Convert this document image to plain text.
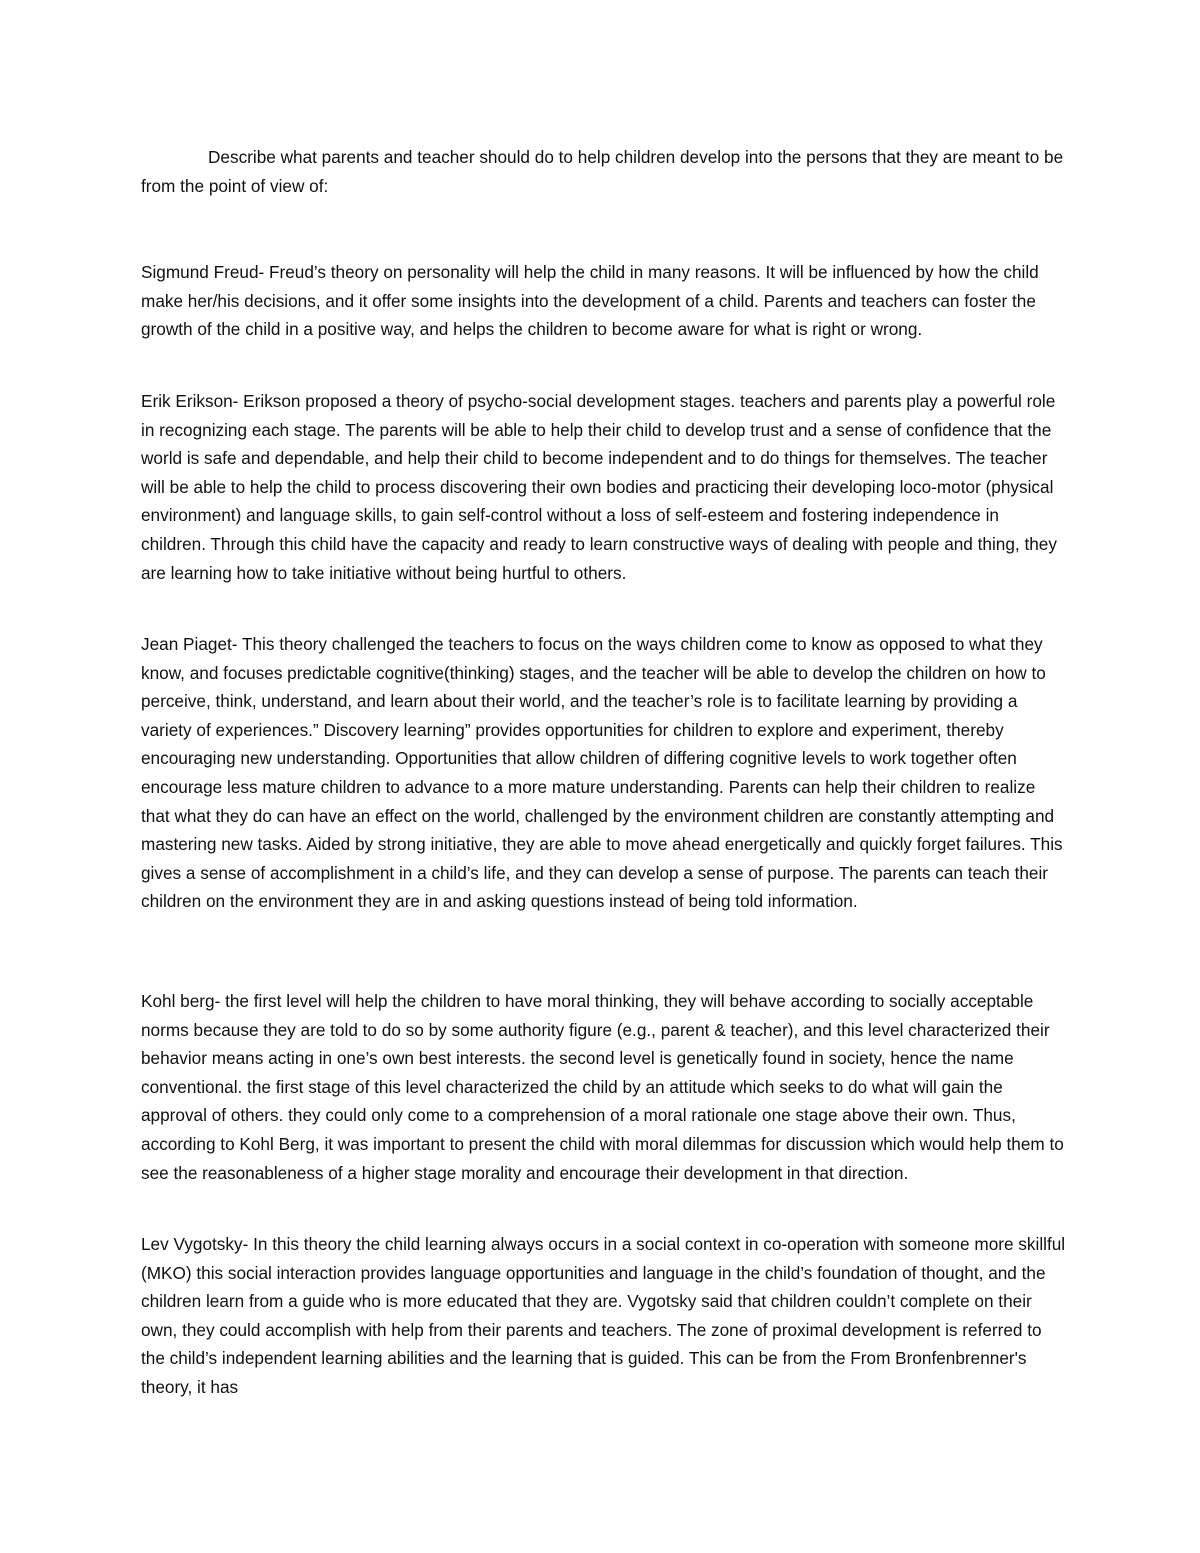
Describe what parents and teacher should do to help children develop into the persons that they are meant to be from the point of view of:

Sigmund Freud- Freud’s theory on personality will help the child in many reasons. It will be influenced by how the child make her/his decisions, and it offer some insights into the development of a child. Parents and teachers can foster the growth of the child in a positive way, and helps the children to become aware for what is right or wrong.

Erik Erikson- Erikson proposed a theory of psycho-social development stages. teachers and parents play a powerful role in recognizing each stage. The parents will be able to help their child to develop trust and a sense of confidence that the world is safe and dependable, and help their child to become independent and to do things for themselves. The teacher will be able to help the child to process discovering their own bodies and practicing their developing loco-motor (physical environment) and language skills, to gain self-control without a loss of self-esteem and fostering independence in children. Through this child have the capacity and ready to learn constructive ways of dealing with people and thing, they are learning how to take initiative without being hurtful to others.

Jean Piaget- This theory challenged the teachers to focus on the ways children come to know as opposed to what they know, and focuses predictable cognitive(thinking) stages, and the teacher will be able to develop the children on how to perceive, think, understand, and learn about their world, and the teacher’s role is to facilitate learning by providing a variety of experiences.” Discovery learning” provides opportunities for children to explore and experiment, thereby encouraging new understanding. Opportunities that allow children of differing cognitive levels to work together often encourage less mature children to advance to a more mature understanding. Parents can help their children to realize that what they do can have an effect on the world, challenged by the environment children are constantly attempting and mastering new tasks. Aided by strong initiative, they are able to move ahead energetically and quickly forget failures. This gives a sense of accomplishment in a child’s life, and they can develop a sense of purpose. The parents can teach their children on the environment they are in and asking questions instead of being told information.

Kohl berg- the first level will help the children to have moral thinking, they will behave according to socially acceptable norms because they are told to do so by some authority figure (e.g., parent & teacher), and this level characterized their behavior means acting in one’s own best interests. the second level is genetically found in society, hence the name conventional. the first stage of this level characterized the child by an attitude which seeks to do what will gain the approval of others. they could only come to a comprehension of a moral rationale one stage above their own. Thus, according to Kohl Berg, it was important to present the child with moral dilemmas for discussion which would help them to see the reasonableness of a higher stage morality and encourage their development in that direction.

Lev Vygotsky- In this theory the child learning always occurs in a social context in co-operation with someone more skillful (MKO) this social interaction provides language opportunities and language in the child’s foundation of thought, and the children learn from a guide who is more educated that they are. Vygotsky said that children couldn’t complete on their own, they could accomplish with help from their parents and teachers. The zone of proximal development is referred to the child’s independent learning abilities and the learning that is guided. This can be from the From Bronfenbrenner's theory, it has
